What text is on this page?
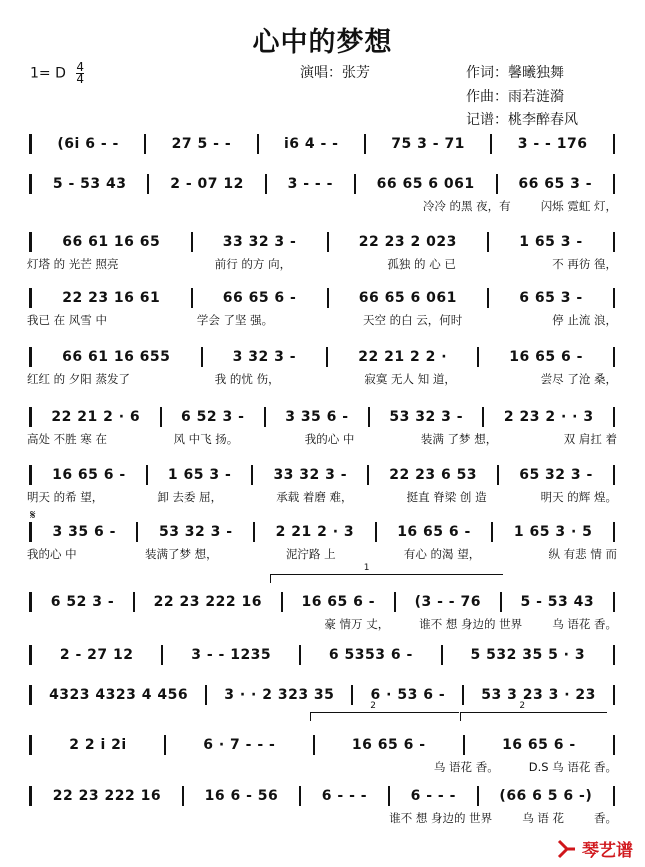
心中的梦想
1= D $\frac{4}{4}$	演唱：张芳	作词：馨曦独舞
作曲：雨若涟漪
记谱：桃李醉春风
(6i 6 - -	27 5 - -	i6 4 - -	75 3 - 71	3 - - 176
5 - 53 43	2 - 07 12	3 - - -	66 65 6 061	66 65 3 -
冷冷 的黑 夜，有	闪烁 霓虹 灯，
66 61 16 65	33 32 3 -	22 23 2 023	1 65 3 -
灯塔 的 光芒 照亮	前行 的方 向，	孤独 的 心 已	不 再彷 徨，
22 23 16 61	66 65 6 -	66 65 6 061	6 65 3 -
我已 在 风雪 中	学会 了坚 强。	天空 的白 云，何时	停 止流 浪，
66 61 16 655	3 32 3 -	22 21 2 2 ·	16 65 6 -
红红 的 夕阳 蒸发了	我 的忧 伤，	寂寞 无人 知 道，	尝尽 了沧 桑，
22 21 2 · 6	6 52 3 -	3 35 6 -	53 32 3 -	2 23 2 · · 3
高处 不胜 寒 在	风 中飞 扬。	我的心 中	装满 了梦 想，	双 肩扛 着
16 65 6 -	1 65 3 -	33 32 3 -	22 23 6 53	65 32 3 -
明天 的希 望，	卸 去委 屈，	承载 着磨 难，	挺直 脊梁 创 造	明天 的辉 煌。
3 35 6 -	53 32 3 -	2 21 2 · 3	16 65 6 -	1 65 3 · 5
我的心 中	装满了梦 想，	泥泞路 上	有心 的渴 望，	纵 有悲 情 而
6 52 3 -	22 23 222 16	16 65 6 -	(3 - - 76	5 - 53 43
豪 情万 丈，	谁不 想 身边的 世界	乌 语花 香。
2 - 27 12	3 - - 1235	6 5353 6 -	5 532 35 5 · 3
4323 4323 4 456	3 · · 2 323 35	6 · 53 6 -	53 3 23 3 · 23
2 2 i 2i	6 · 7 - - -	16 65 6 -	16 65 6 -
乌 语花 香。	D.S 乌 语花 香。
22 23 222 16	16 6 - 56	6 - - -	6 - - -	(66 6 5 6 -)
谁不 想 身边的 世界	乌 语 花	香。
𝄋
1
2	2
琴艺谱
